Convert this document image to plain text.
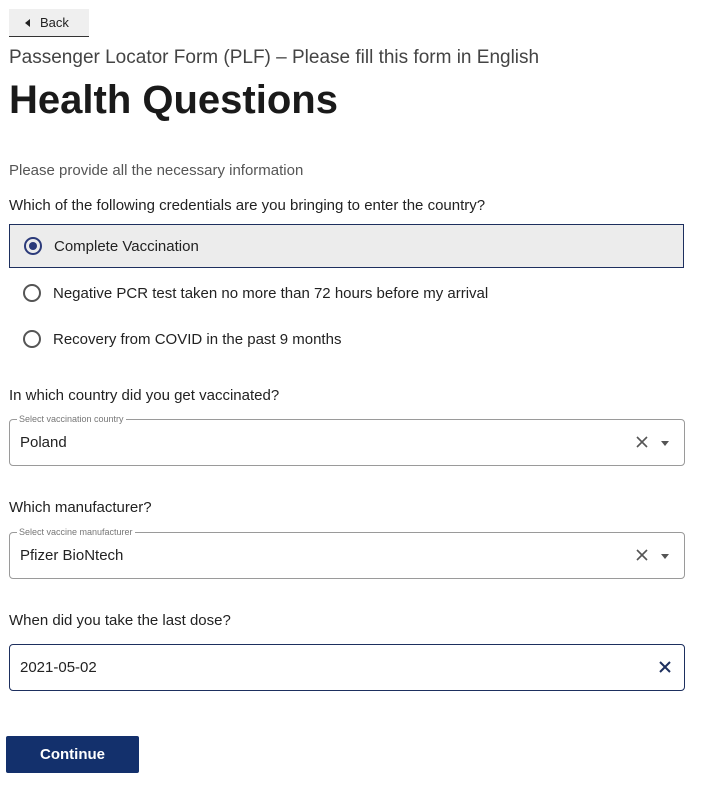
Back
Passenger Locator Form (PLF) – Please fill this form in English
Health Questions
Please provide all the necessary information
Which of the following credentials are you bringing to enter the country?
Complete Vaccination
Negative PCR test taken no more than 72 hours before my arrival
Recovery from COVID in the past 9 months
In which country did you get vaccinated?
Select vaccination country
Poland
Which manufacturer?
Select vaccine manufacturer
Pfizer BioNtech
When did you take the last dose?
2021-05-02
Continue
